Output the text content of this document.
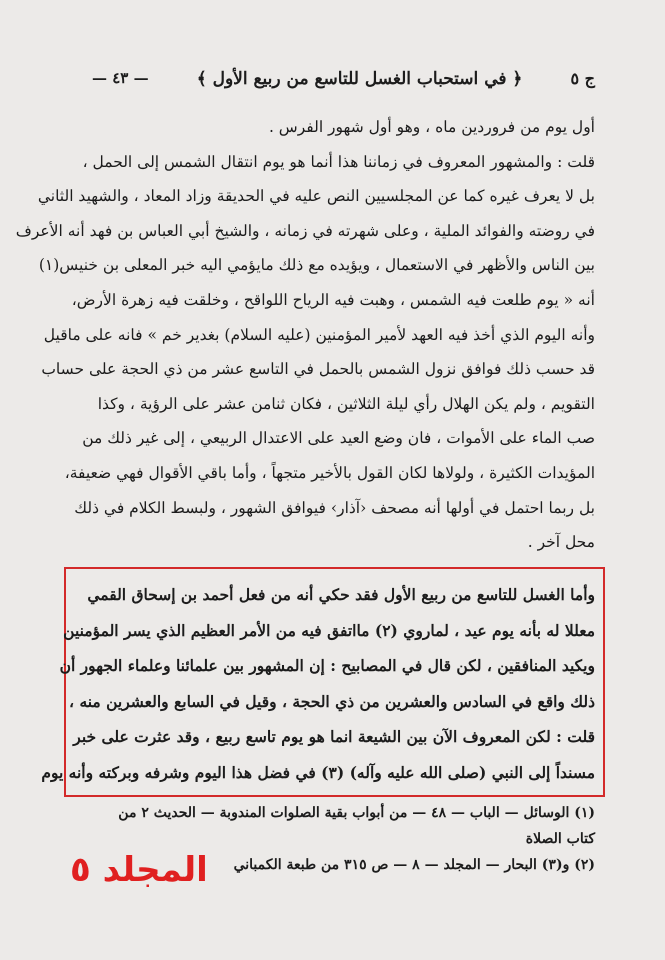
ج ٥
﴿ في استحباب الغسل للتاسع من ربيع الأول ﴾
— ٤٣ —
أول يوم من فروردين ماه ، وهو أول شهور الفرس .
قلت : والمشهور المعروف في زماننا هذا أنما هو يوم انتقال الشمس إلى الحمل ،
بل لا يعرف غيره كما عن المجلسيين النص عليه في الحديقة وزاد المعاد ، والشهيد الثاني
في روضته والفوائد الملية ، وعلى شهرته في زمانه ، والشيخ أبي العباس بن فهد أنه الأعرف
بين الناس والأظهر في الاستعمال ، ويؤيده مع ذلك مايؤمي اليه خبر المعلى بن خنيس(١)
أنه « يوم طلعت فيه الشمس ، وهبت فيه الرياح اللواقح ، وخلقت فيه زهرة الأرض،
وأنه اليوم الذي أخذ فيه العهد لأمير المؤمنين (عليه السلام) بغدير خم » فانه على ماقيل
قد حسب ذلك فوافق نزول الشمس بالحمل في التاسع عشر من ذي الحجة على حساب
التقويم ، ولم يكن الهلال رأي ليلة الثلاثين ، فكان ثنامن عشر على الرؤية ، وكذا
صب الماء على الأموات ، فان وضع العيد على الاعتدال الربيعي ، إلى غير ذلك من
المؤيدات الكثيرة ، ولولاها لكان القول بالأخير متجهاً ، وأما باقي الأقوال فهي ضعيفة،
بل ربما احتمل في أولها أنه مصحف ‹آذار› فيوافق الشهور ، ولبسط الكلام في ذلك
محل آخر .
وأما الغسل للتاسع من ربيع الأول فقد حكي أنه من فعل أحمد بن إسحاق القمي
معللا له بأنه يوم عيد ، لماروي (٢) مااتفق فيه من الأمر العظيم الذي يسر المؤمنين
ويكيد المنافقين ، لكن قال في المصابيح : إن المشهور بين علمائنا وعلماء الجهور أن
ذلك واقع في السادس والعشرين من ذي الحجة ، وقيل في السابع والعشرين منه ،
قلت : لكن المعروف الآن بين الشيعة انما هو يوم تاسع ربيع ، وقد عثرت على خبر
مسنداً إلى النبي (صلى الله عليه وآله) (٣) في فضل هذا اليوم وشرفه وبركته وأنه يوم
(١) الوسائل — الباب — ٤٨ — من أبواب بقية الصلوات المندوبة — الحديث ٢ من
كتاب الصلاة
(٢) و(٣) البحار — المجلد — ٨ — ص ٣١٥ من طبعة الكمباني
المجلد ٥
